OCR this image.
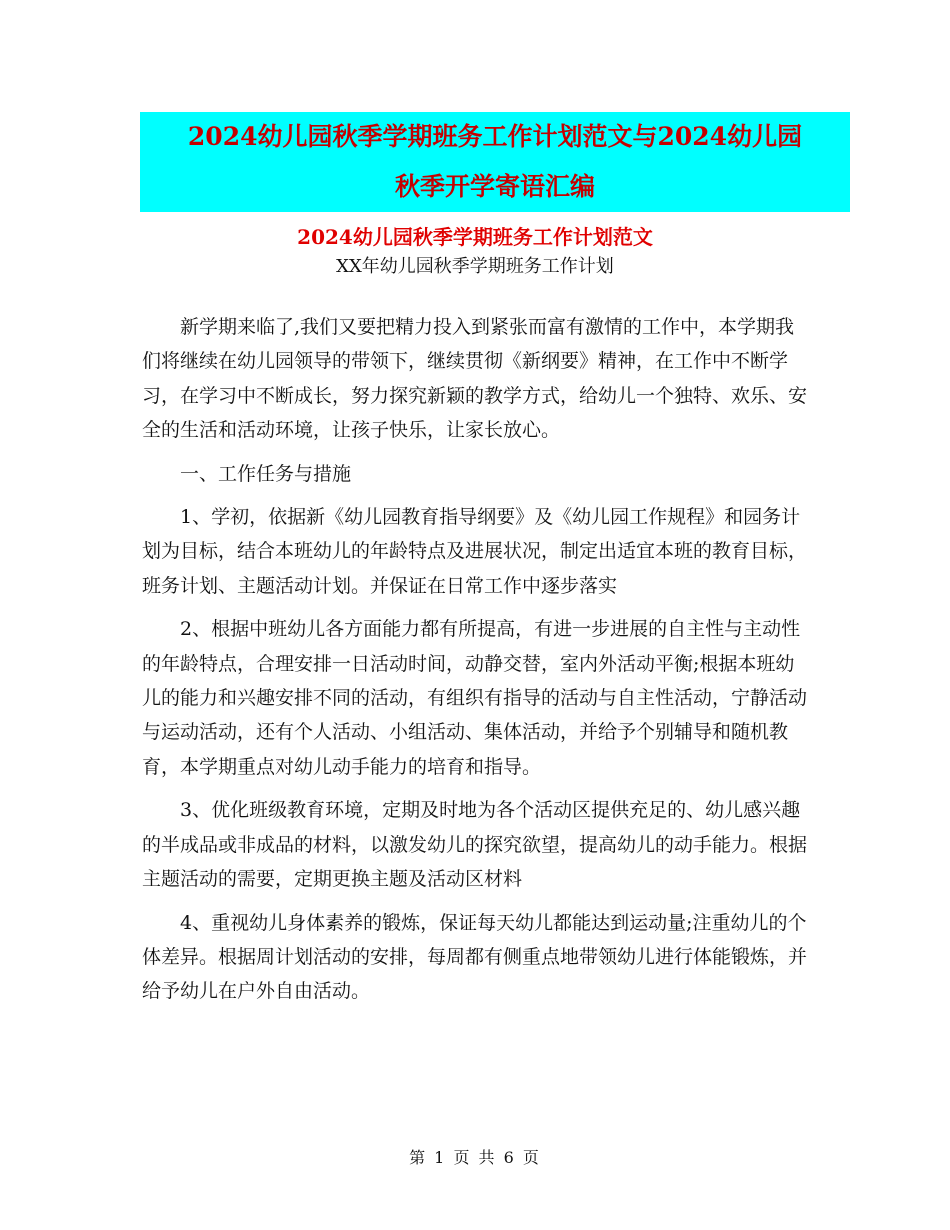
2024幼儿园秋季学期班务工作计划范文与2024幼儿园
秋季开学寄语汇编
2024幼儿园秋季学期班务工作计划范文
XX年幼儿园秋季学期班务工作计划

新学期来临了,我们又要把精力投入到紧张而富有激情的工作中，本学期我们将继续在幼儿园领导的带领下，继续贯彻《新纲要》精神，在工作中不断学习，在学习中不断成长，努力探究新颖的教学方式，给幼儿一个独特、欢乐、安全的生活和活动环境，让孩子快乐，让家长放心。

一、工作任务与措施

1、学初，依据新《幼儿园教育指导纲要》及《幼儿园工作规程》和园务计划为目标，结合本班幼儿的年龄特点及进展状况，制定出适宜本班的教育目标，班务计划、主题活动计划。并保证在日常工作中逐步落实

2、根据中班幼儿各方面能力都有所提高，有进一步进展的自主性与主动性的年龄特点，合理安排一日活动时间，动静交替，室内外活动平衡;根据本班幼儿的能力和兴趣安排不同的活动，有组织有指导的活动与自主性活动，宁静活动与运动活动，还有个人活动、小组活动、集体活动，并给予个别辅导和随机教育，本学期重点对幼儿动手能力的培育和指导。

3、优化班级教育环境，定期及时地为各个活动区提供充足的、幼儿感兴趣的半成品或非成品的材料，以激发幼儿的探究欲望，提高幼儿的动手能力。根据主题活动的需要，定期更换主题及活动区材料

4、重视幼儿身体素养的锻炼，保证每天幼儿都能达到运动量;注重幼儿的个体差异。根据周计划活动的安排，每周都有侧重点地带领幼儿进行体能锻炼，并给予幼儿在户外自由活动。

第 1 页 共 6 页
